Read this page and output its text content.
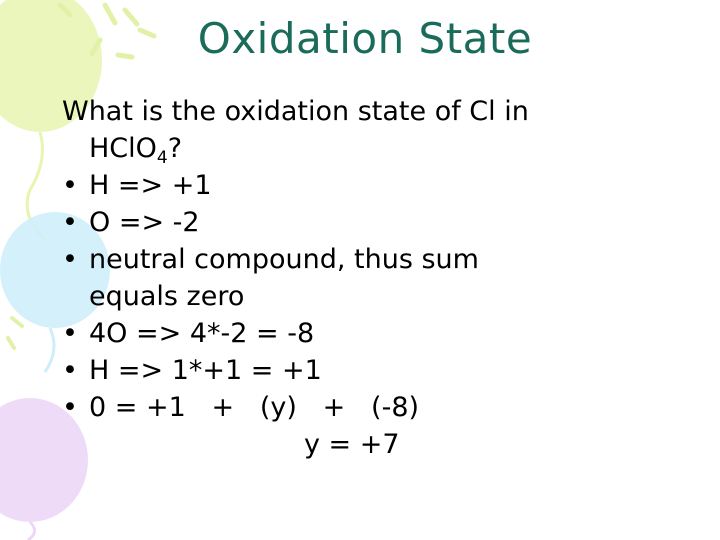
Oxidation State

What is the oxidation state of Cl in

HClO$_4$?

•

H => +1

•

O => -2

•

neutral compound, thus sum

equals zero

•

4O => 4*-2 = -8

•

H => 1*+1 = +1

•

0 = +1   +   (y)   +   (-8)

y = +7
